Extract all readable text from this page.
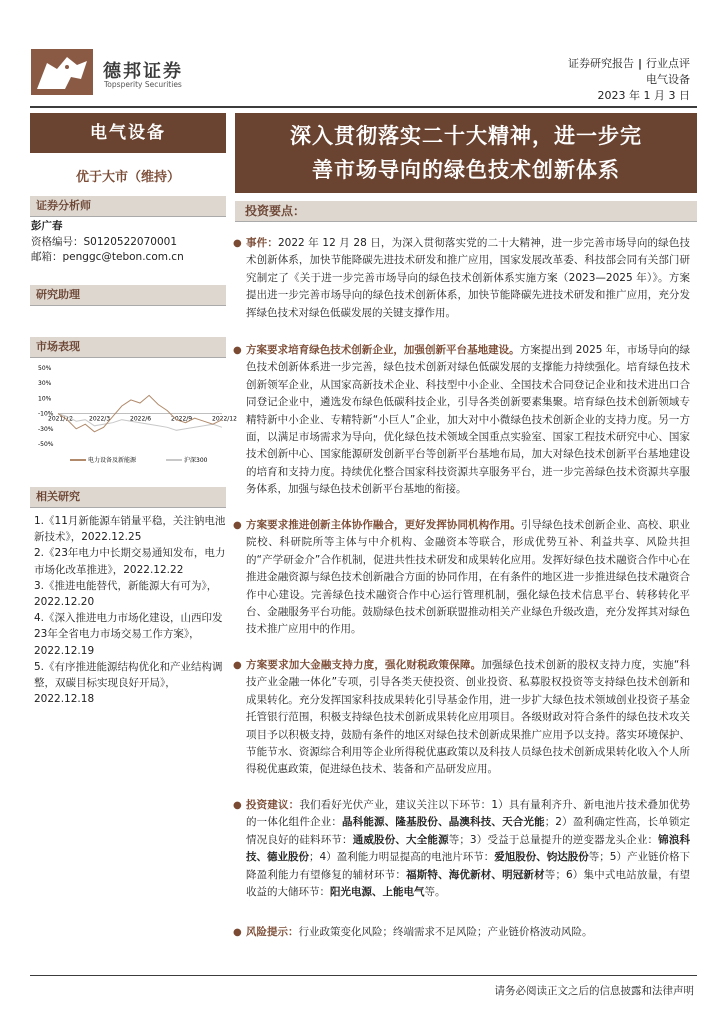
德邦证券
Topsperity Securities
证券研究报告 | 行业点评
电气设备
2023 年 1 月 3 日
电气设备
优于大市（维持）
证券分析师
彭广春
资格编号：S0120522070001
邮箱：penggc@tebon.com.cn
研究助理
市场表现
50%
30%
10%
-10%
-30%
-50%
2021/12	2022/3	2022/6	2022/9	2022/12
电力设备及新能源	沪深300
相关研究
1.《11月新能源车销量平稳，关注钠电池新技术》，2022.12.25
2.《23年电力中长期交易通知发布，电力市场化改革推进》，2022.12.22
3.《推进电能替代，新能源大有可为》，2022.12.20
4.《深入推进电力市场化建设，山西印发23年全省电力市场交易工作方案》，2022.12.19
5.《有序推进能源结构优化和产业结构调整，双碳目标实现良好开局》，2022.12.18
深入贯彻落实二十大精神，进一步完
善市场导向的绿色技术创新体系
投资要点：
● 事件：2022 年 12 月 28 日，为深入贯彻落实党的二十大精神，进一步完善市场导向的绿色技术创新体系，加快节能降碳先进技术研发和推广应用，国家发展改革委、科技部会同有关部门研究制定了《关于进一步完善市场导向的绿色技术创新体系实施方案（2023—2025 年）》。方案提出进一步完善市场导向的绿色技术创新体系，加快节能降碳先进技术研发和推广应用，充分发挥绿色技术对绿色低碳发展的关键支撑作用。
● 方案要求培育绿色技术创新企业，加强创新平台基地建设。方案提出到 2025 年，市场导向的绿色技术创新体系进一步完善，绿色技术创新对绿色低碳发展的支撑能力持续强化。培育绿色技术创新领军企业，从国家高新技术企业、科技型中小企业、全国技术合同登记企业和技术进出口合同登记企业中，遴选发布绿色低碳科技企业，引导各类创新要素集聚。培育绿色技术创新领域专精特新中小企业、专精特新“小巨人”企业，加大对中小微绿色技术创新企业的支持力度。另一方面，以满足市场需求为导向，优化绿色技术领域全国重点实验室、国家工程技术研究中心、国家技术创新中心、国家能源研发创新平台等创新平台基地布局，加大对绿色技术创新平台基地建设的培育和支持力度。持续优化整合国家科技资源共享服务平台，进一步完善绿色技术资源共享服务体系，加强与绿色技术创新平台基地的衔接。
● 方案要求推进创新主体协作融合，更好发挥协同机构作用。引导绿色技术创新企业、高校、职业院校、科研院所等主体与中介机构、金融资本等联合，形成优势互补、利益共享、风险共担的“产学研金介”合作机制，促进共性技术研发和成果转化应用。发挥好绿色技术融资合作中心在推进金融资源与绿色技术创新融合方面的协同作用，在有条件的地区进一步推进绿色技术融资合作中心建设。完善绿色技术融资合作中心运行管理机制，强化绿色技术信息平台、转移转化平台、金融服务平台功能。鼓励绿色技术创新联盟推动相关产业绿色升级改造，充分发挥其对绿色技术推广应用中的作用。
● 方案要求加大金融支持力度，强化财税政策保障。加强绿色技术创新的股权支持力度，实施“科技产业金融一体化”专项，引导各类天使投资、创业投资、私募股权投资等支持绿色技术创新和成果转化。充分发挥国家科技成果转化引导基金作用，进一步扩大绿色技术领域创业投资子基金托管银行范围，积极支持绿色技术创新成果转化应用项目。各级财政对符合条件的绿色技术攻关项目予以积极支持，鼓励有条件的地区对绿色技术创新成果推广应用予以支持。落实环境保护、节能节水、资源综合利用等企业所得税优惠政策以及科技人员绿色技术创新成果转化收入个人所得税优惠政策，促进绿色技术、装备和产品研发应用。
● 投资建议：我们看好光伏产业，建议关注以下环节：1）具有量利齐升、新电池片技术叠加优势的一体化组件企业：晶科能源、隆基股份、晶澳科技、天合光能；2）盈利确定性高，长单锁定情况良好的硅料环节：通威股份、大全能源等；3）受益于总量提升的逆变器龙头企业：锦浪科技、德业股份；4）盈利能力明显提高的电池片环节：爱旭股份、钧达股份等；5）产业链价格下降盈利能力有望修复的辅材环节：福斯特、海优新材、明冠新材等；6）集中式电站放量，有望收益的大储环节：阳光电源、上能电气等。
● 风险提示：行业政策变化风险；终端需求不足风险；产业链价格波动风险。
请务必阅读正文之后的信息披露和法律声明
